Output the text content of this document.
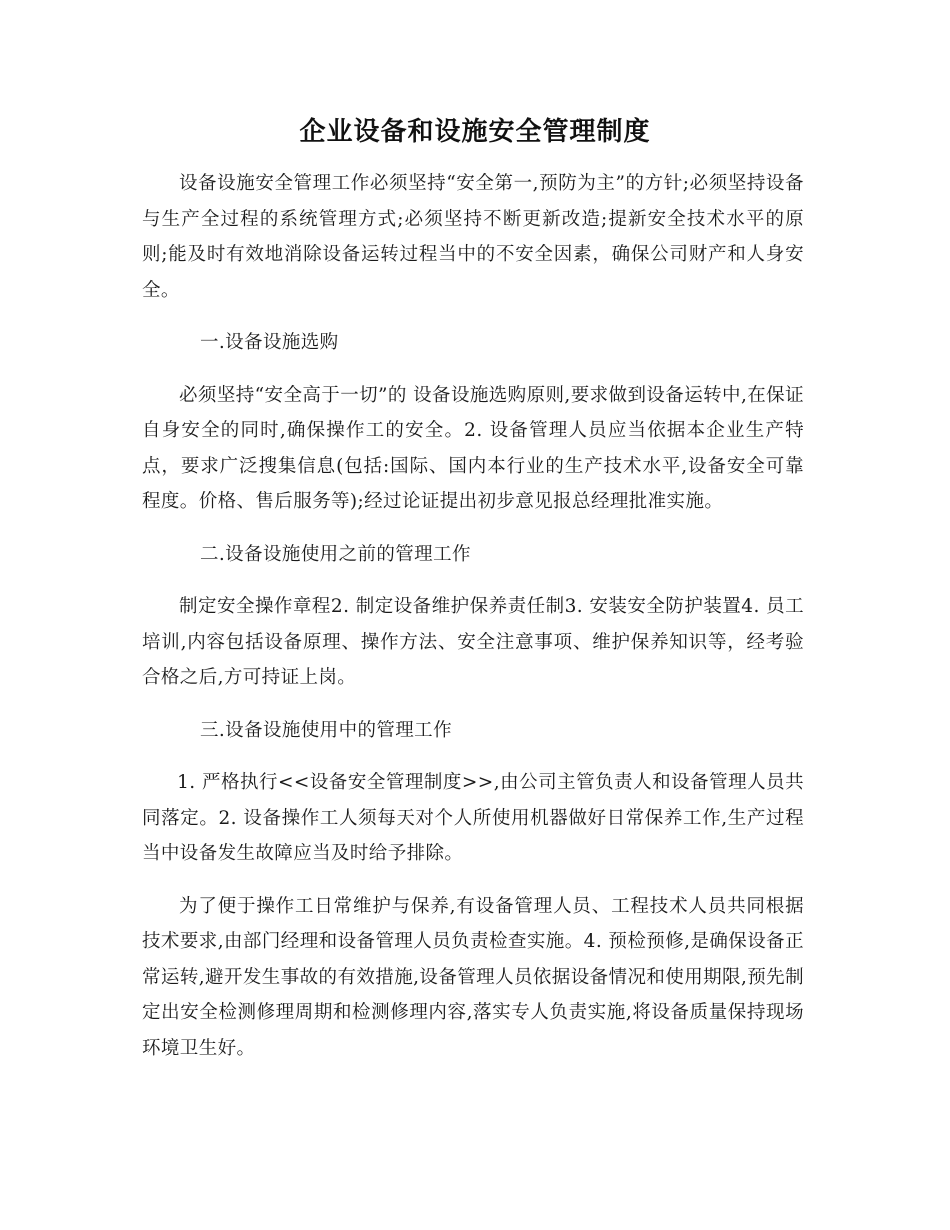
企业设备和设施安全管理制度

设备设施安全管理工作必须坚持“安全第一,预防为主”的方针;必须坚持设备与生产全过程的系统管理方式;必须坚持不断更新改造;提新安全技术水平的原则;能及时有效地消除设备运转过程当中的不安全因素，确保公司财产和人身安全。

一.设备设施选购

必须坚持“安全高于一切”的 设备设施选购原则,要求做到设备运转中,在保证自身安全的同时,确保操作工的安全。2. 设备管理人员应当依据本企业生产特点，要求广泛搜集信息(包括:国际、国内本行业的生产技术水平,设备安全可靠程度。价格、售后服务等);经过论证提出初步意见报总经理批准实施。

二.设备设施使用之前的管理工作

制定安全操作章程2. 制定设备维护保养责任制3. 安装安全防护装置4. 员工培训,内容包括设备原理、操作方法、安全注意事项、维护保养知识等，经考验合格之后,方可持证上岗。

三.设备设施使用中的管理工作

1. 严格执行<<设备安全管理制度>>,由公司主管负责人和设备管理人员共同落定。2. 设备操作工人须每天对个人所使用机器做好日常保养工作,生产过程当中设备发生故障应当及时给予排除。

为了便于操作工日常维护与保养,有设备管理人员、工程技术人员共同根据技术要求,由部门经理和设备管理人员负责检查实施。4. 预检预修,是确保设备正常运转,避开发生事故的有效措施,设备管理人员依据设备情况和使用期限,预先制定出安全检测修理周期和检测修理内容,落实专人负责实施,将设备质量保持现场环境卫生好。
